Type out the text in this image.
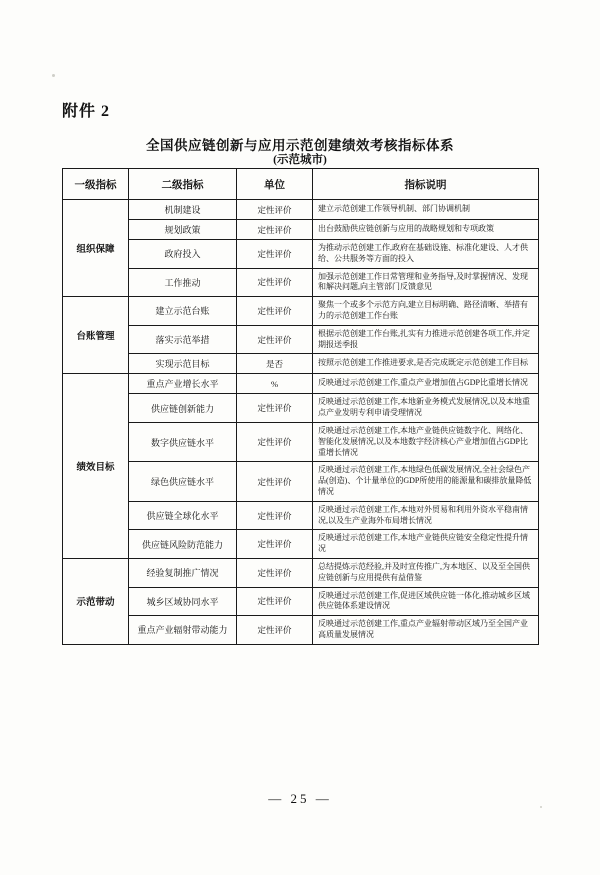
附件 2
全国供应链创新与应用示范创建绩效考核指标体系
(示范城市)
一级指标	二级指标	单位	指标说明
组织保障	机制建设	定性评价	建立示范创建工作领导机制、部门协调机制
	规划政策	定性评价	出台鼓励供应链创新与应用的战略规划和专项政策
	政府投入	定性评价	为推动示范创建工作,政府在基础设施、标准化建设、人才供给、公共服务等方面的投入
	工作推动	定性评价	加强示范创建工作日常管理和业务指导,及时掌握情况、发现和解决问题,向主管部门反馈意见
台账管理	建立示范台账	定性评价	聚焦一个或多个示范方向,建立目标明确、路径清晰、举措有力的示范创建工作台账
	落实示范举措	定性评价	根据示范创建工作台账,扎实有力推进示范创建各项工作,并定期报送季报
	实现示范目标	是否	按照示范创建工作推进要求,是否完成既定示范创建工作目标
绩效目标	重点产业增长水平	%	反映通过示范创建工作,重点产业增加值占GDP比重增长情况
	供应链创新能力	定性评价	反映通过示范创建工作,本地新业务模式发展情况,以及本地重点产业发明专利申请受理情况
	数字供应链水平	定性评价	反映通过示范创建工作,本地产业链供应链数字化、网络化、智能化发展情况,以及本地数字经济核心产业增加值占GDP比重增长情况
	绿色供应链水平	定性评价	反映通过示范创建工作,本地绿色低碳发展情况,全社会绿色产品(创造)、个计量单位的GDP所使用的能源量和碳排放量降低情况
	供应链全球化水平	定性评价	反映通过示范创建工作,本地对外贸易和利用外资水平稳南情况,以及生产业海外布局增长情况
	供应链风险防范能力	定性评价	反映通过示范创建工作,本地产业链供应链安全稳定性提升情况
示范带动	经验复制推广情况	定性评价	总结提炼示范经验,并及时宣传推广,为本地区、以及至全国供应链创新与应用提供有益借鉴
	城乡区域协同水平	定性评价	反映通过示范创建工作,促进区域供应链一体化,推动城乡区域供应链体系建设情况
	重点产业辐射带动能力	定性评价	反映通过示范创建工作,重点产业辐射带动区域乃至全国产业高质量发展情况
— 25 —
